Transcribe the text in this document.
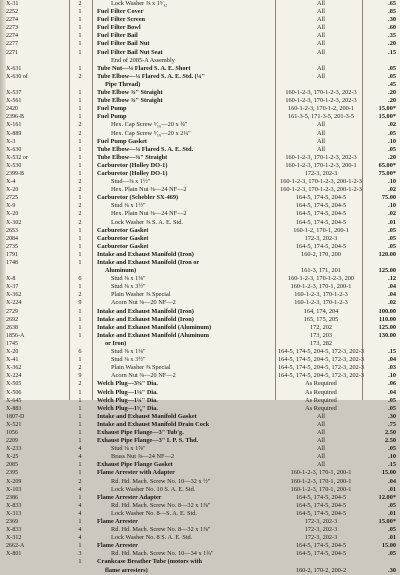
X-31	2	Lock Washer ⅜ x 1⁵⁄₃₂	All	.65
2252	1	Fuel Filter Cover	All	.85
2274	1	Fuel Filter Screen	All	.30
2273	1	Fuel Filter Bowl	All	.60
2274	1	Fuel Filter Bail	All	.35
2277	1	Fuel Filter Bail Nut	All	.20
2271	1	Fuel Filter Bail Nut Seat	All	.15
End of 2085-A Assembly
X-631	1	Tube Nut—¼ Flared S. A. E. Short	All	.05
X-630 of	2	Tube Elbow—¼ Flared S. A. E. Std. (¼"	All	.05
Pipe Thread)	.45
X-537	1	Tube Elbow ⅜" Straight	160-1-2-3, 170-1-2-3, 202-3	.20
X-561	1	Tube Elbow ⅜" Straight	160-1-2-3, 170-1-2-3, 202-3	.20
2420	1	Fuel Pump	160-1-2-3, 170-1-2, 200-1	15.00*
2396-B	1	Fuel Pump	161-3-5, 171-3-5, 201-3-5	15.00*
X-161	2	Hex. Cap Screw ⁵⁄₁₆—20 x ¾"	All	.02
X-889	2	Hex. Cap Screw ⁵⁄₁₆—20 x 2¼"	All	.05
X-3	1	Fuel Pump Gasket	All	.10
X-630	1	Tube Elbow—¼ Flared S. A. E. Std.	All	.05
X-532 or	1	Tube Elbow—⅜" Straight	160-1-2-3, 170-1-2-3, 202-3	.20
X-530	1	Carburetor (Holley DO-1)	160-1-2-3, 170-1-2-3, 200-1	65.00*
2399-B	1	Carburetor (Holley DO-1)	172-3, 202-3	75.00*
X-4	2	Stud—⅜ x 1½"	160-1-2-3, 170-1-2-3, 200-1-2-3	.10
X-20	2	Hex. Plain Nut ⅜—24 NF—2	160-1-2-3, 170-1-2-3, 200-1-2-3	.02
2725	1	Carburetor (Schebler SX-469)	164-5, 174-5, 204-5	75.00
X-9	2	Stud ⅜ x 1½"	164-5, 174-5, 204-5	.10
X-20	2	Hex. Plain Nut ⅜—24 NF—2	164-5, 174-5, 204-5	.02
X-302	2	Lock Washer ⅜ S. A. E. Std.	164-5, 174-5, 204-5	.01
2653	1	Carburetor Gasket	160-1-2, 170-1, 200-1	.05
2084	1	Carburetor Gasket	172-3, 202-3	.05
2735	1	Carburetor Gasket	164-5, 174-5, 204-5	.05
1791	1	Intake and Exhaust Manifold (Iron)	160-2, 170, 200	120.00
1748	1	Intake and Exhaust Manifold (Iron or
Aluminum)	161-3, 171, 201	125.00
X-8	6	Stud ⅜ x 1⅜"	160-1-2-3, 170-1-2-3, 200	.12
X-37	1	Stud ⅜ x 3½"	160-1-2-3, 170-1, 200-1	.04
X-362	2	Plain Washer ⅜ Special	160-1-2-3, 170-1-2-3	.04
X-224	9	Acorn Nut ⅜—20 NF—2	160-1-2-3, 170-1-2-3	.02
2729	1	Intake and Exhaust Manifold (Iron)	164, 174, 204	100.00
2692	1	Intake and Exhaust Manifold (Iron)	165, 175, 205	110.00
2638	1	Intake and Exhaust Manifold (Aluminum)	172, 202	125.00
1856-A	1	Intake and Exhaust Manifold (Aluminum	173, 203	130.00
1745	or Iron)	173, 282
X-20	6	Stud ⅜ x 1⅜"	164-5, 174-5, 204-5, 172-3, 202-3	.15
X-41	1	Stud ⅜ x 3½"	164-5, 174-5, 204-5, 172-3, 202-3	.04
X-362	2	Plain Washer ⅜ Special	164-5, 174-5, 204-5, 172-3, 202-3	.03
X-224	9	Acorn Nut ⅜—20 NF—2	164-5, 174-5, 204-5, 172-3, 202-3	.10
X-505	2	Welch Plug—3⅝" Dia.	As Required	.06
X-506	1	Welch Plug—1⅛" Dia.	As Required	.04
X-645	1	Welch Plug—1¼" Dia.	As Required	.05
X-883	1	Welch Plug—1⁵⁄₈" Dia.	As Required	.05
1807-D	1	Intake and Exhaust Manifold Gasket	All	.30
X-521	1	Intake and Exhaust Manifold Drain Cock	All	.75
1056	1	Exhaust Pipe Flange—3" Tub'g.	All	2.50
2209	1	Exhaust Pipe Flange—3" I. P. S. Thd.	All	2.50
X-233	4	Stud ⅜ x 1⅝"	All	.05
X-25	4	Brass Nut ⅜—24 NF—2	All	.10
2085	1	Exhaust Pipe Flange Gasket	All	.15
2395	1	Flame Arrester with Adapter	160-1-2-3, 170-1, 200-1	15.00
X-209	2	Rd. Hd. Mach. Screw No. 10—32 x ½"	160-1-2-3, 170-1, 200-1	.04
X-103	4	Lock Washer No. 10 S. A. E. Std.	160-1-2-3, 170-1, 200-1	.01
2386	1	Flame Arrester Adapter	164-5, 174-5, 204-5	12.00*
X-833	4	Rd. Hd. Mach. Screw No. 8—32 x 1⅜"	164-5, 174-5, 204-5	.05
X-313	4	Lock Washer No. 8—S. A. E. Std.	164-5, 174-5, 204-5	.01
2369	1	Flame Arrester	172-3, 202-3	15.00*
X-833	4	Rd. Hd. Mach. Screw No. 8—32 x 1⅜"	172-3, 202-3	.05
X-312	4	Lock Washer No. 8 S. A. E. Std.	172-3, 202-3	.01
2662-A	1	Flame Arrester	164-5, 174-5, 204-5	15.00
X-801	3	Rd. Hd. Mach. Screw No. 10—34 x 1¾"	164-5, 174-5, 204-5	.05
1	Crankcase Breather Tube (motors with
flame arresters)	160-2, 170-2, 200-2	.30
